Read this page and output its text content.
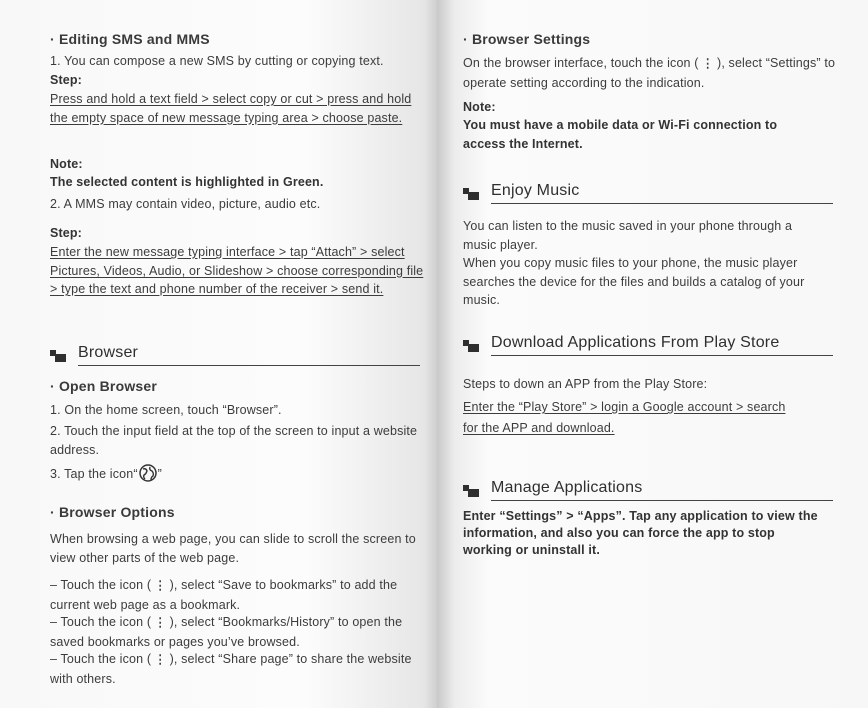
· Editing SMS and MMS
1. You can compose a new SMS by cutting or copying text.
Step:
Press and hold a text field > select copy or cut > press and hold the empty space of new message typing area > choose paste.
Note:
The selected content is highlighted in Green.
2. A MMS may contain video, picture, audio etc.
Step:
Enter the new message typing interface > tap “Attach” > select Pictures, Videos, Audio, or Slideshow > choose corresponding file > type the text and phone number of the receiver > send it.
Browser
· Open Browser
1. On the home screen, touch “Browser”.
2. Touch the input field at the top of the screen to input a website address.
3. Tap the icon“ ”
· Browser Options
When browsing a web page, you can slide to scroll the screen to view other parts of the web page.
– Touch the icon ( ⋮ ), select “Save to bookmarks” to add the current web page as a bookmark.
– Touch the icon ( ⋮ ), select “Bookmarks/History” to open the saved bookmarks or pages you’ve browsed.
– Touch the icon ( ⋮ ), select “Share page” to share the website with others.
· Browser Settings
On the browser interface, touch the icon ( ⋮ ), select “Settings” to operate setting according to the indication.
Note:
You must have a mobile data or Wi-Fi connection to access the Internet.
Enjoy Music
You can listen to the music saved in your phone through a music player.
When you copy music files to your phone, the music player searches the device for the files and builds a catalog of your music.
Download Applications From Play Store
Steps to down an APP from the Play Store:
Enter the “Play Store” > login a Google account > search for the APP and download.
Manage Applications
Enter “Settings” > “Apps”. Tap any application to view the information, and also you can force the app to stop working or uninstall it.
